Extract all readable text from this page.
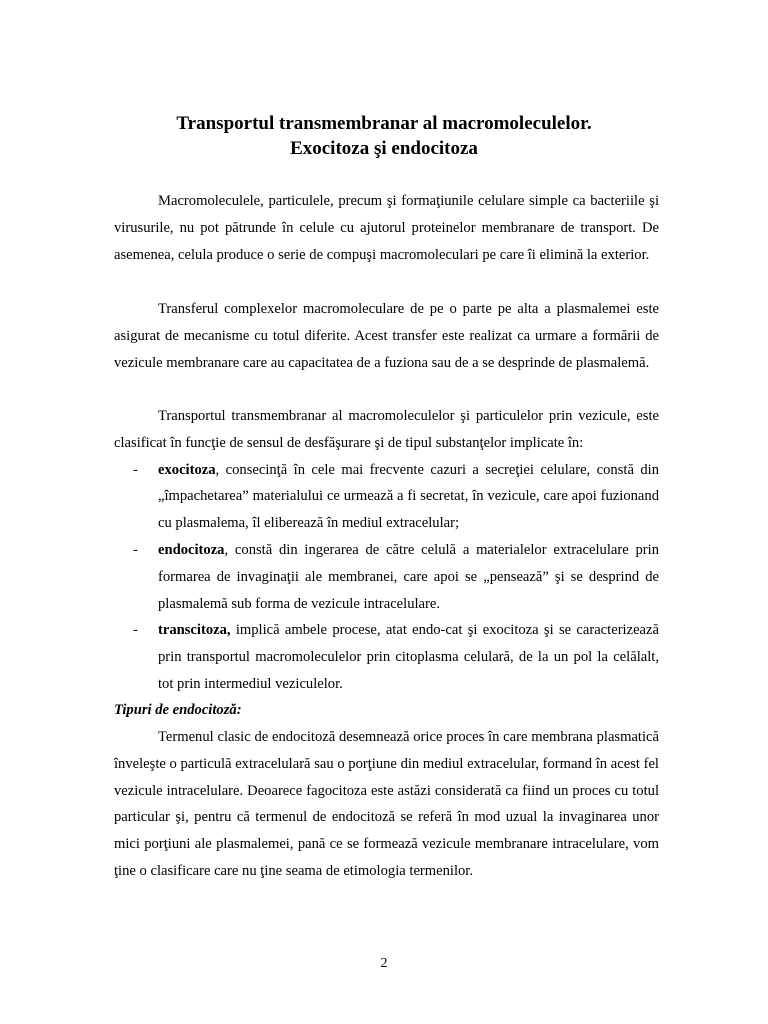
Transportul transmembranar al macromoleculelor.
Exocitoza şi endocitoza

Macromoleculele, particulele, precum şi formaţiunile celulare simple ca bacteriile şi virusurile, nu pot pătrunde în celule cu ajutorul proteinelor membranare de transport. De asemenea, celula produce o serie de compuşi macromoleculari pe care îi elimină la exterior.

Transferul complexelor macromoleculare de pe o parte pe alta a plasmalemei este asigurat de mecanisme cu totul diferite. Acest transfer este realizat ca urmare a formării de vezicule membranare care au capacitatea de a fuziona sau de a se desprinde de plasmalemă.

Transportul transmembranar al macromoleculelor şi particulelor prin vezicule, este clasificat în funcţie de sensul de desfăşurare şi de tipul substanţelor implicate în:

- exocitoza, consecinţă în cele mai frecvente cazuri a secreţiei celulare, constă din „împachetarea” materialului ce urmează a fi secretat, în vezicule, care apoi fuzionand cu plasmalema, îl eliberează în mediul extracelular;
- endocitoza, constă din ingerarea de către celulă a materialelor extracelulare prin formarea de invaginaţii ale membranei, care apoi se „pensează” şi se desprind de plasmalemă sub forma de vezicule intracelulare.
- transcitoza, implică ambele procese, atat endo-cat şi exocitoza şi se caracterizează prin transportul macromoleculelor prin citoplasma celulară, de la un pol la celălalt, tot prin intermediul veziculelor.
Tipuri de endocitoză:

Termenul clasic de endocitoză desemnează orice proces în care membrana plasmatică înveleşte o particulă extracelulară sau o porţiune din mediul extracelular, formand în acest fel vezicule intracelulare. Deoarece fagocitoza este astăzi considerată ca fiind un proces cu totul particular şi, pentru că termenul de endocitoză se referă în mod uzual la invaginarea unor mici porţiuni ale plasmalemei, pană ce se formează vezicule membranare intracelulare, vom ţine o clasificare care nu ţine seama de etimologia termenilor.

2
